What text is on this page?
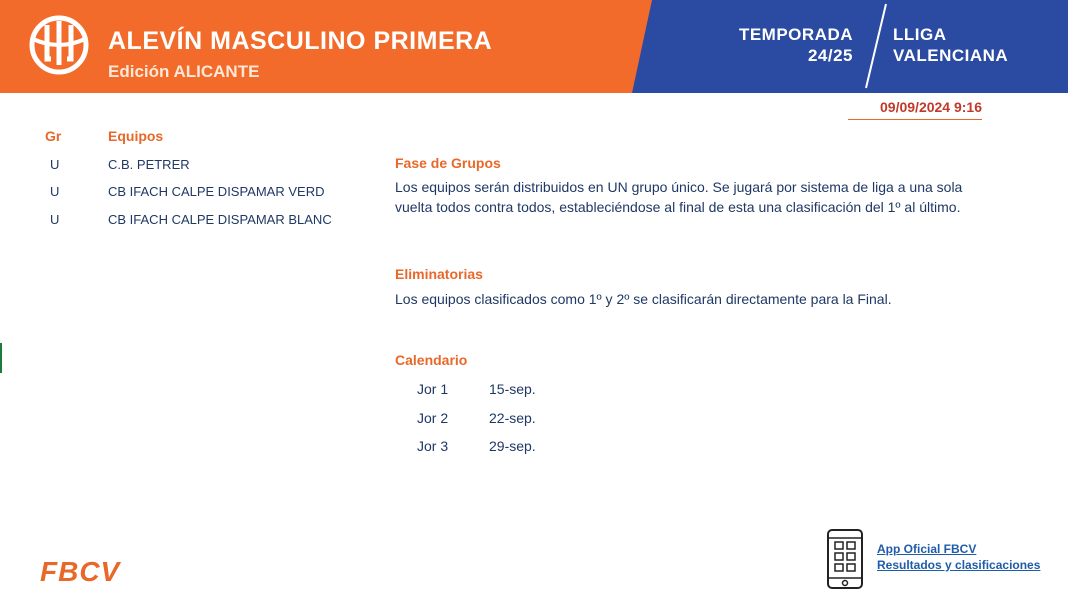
ALEVÍN MASCULINO PRIMERA
Edición ALICANTE
TEMPORADA
24/25
LLIGA
VALENCIANA
09/09/2024 9:16
Gr	Equipos
U	C.B. PETRER
U	CB IFACH CALPE DISPAMAR VERD
U	CB IFACH CALPE DISPAMAR BLANC
Fase de Grupos
Los equipos serán distribuidos en UN grupo único. Se jugará por sistema de liga a una sola vuelta todos contra todos, estableciéndose al final de esta una clasificación del 1º al último.
Eliminatorias
Los equipos clasificados como 1º y 2º se clasificarán directamente para la Final.
Calendario
Jor 1	15-sep.
Jor 2	22-sep.
Jor 3	29-sep.
FBCV
App Oficial FBCV
Resultados y clasificaciones
